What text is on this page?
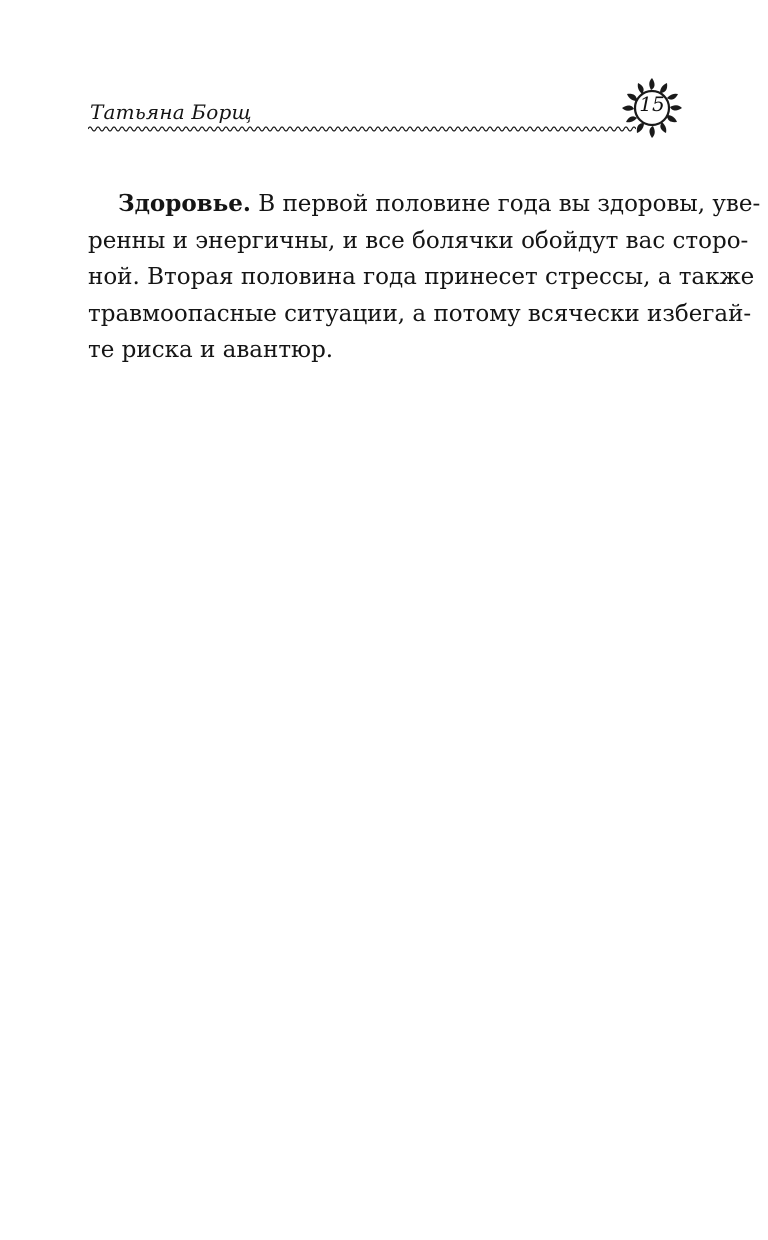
Татьяна Борщ	15
Здоровье. В первой половине года вы здоровы, уве-
ренны и энергичны, и все болячки обойдут вас сторо-
ной. Вторая половина года принесет стрессы, а также
травмоопасные ситуации, а потому всячески избегай-
те риска и авантюр.
